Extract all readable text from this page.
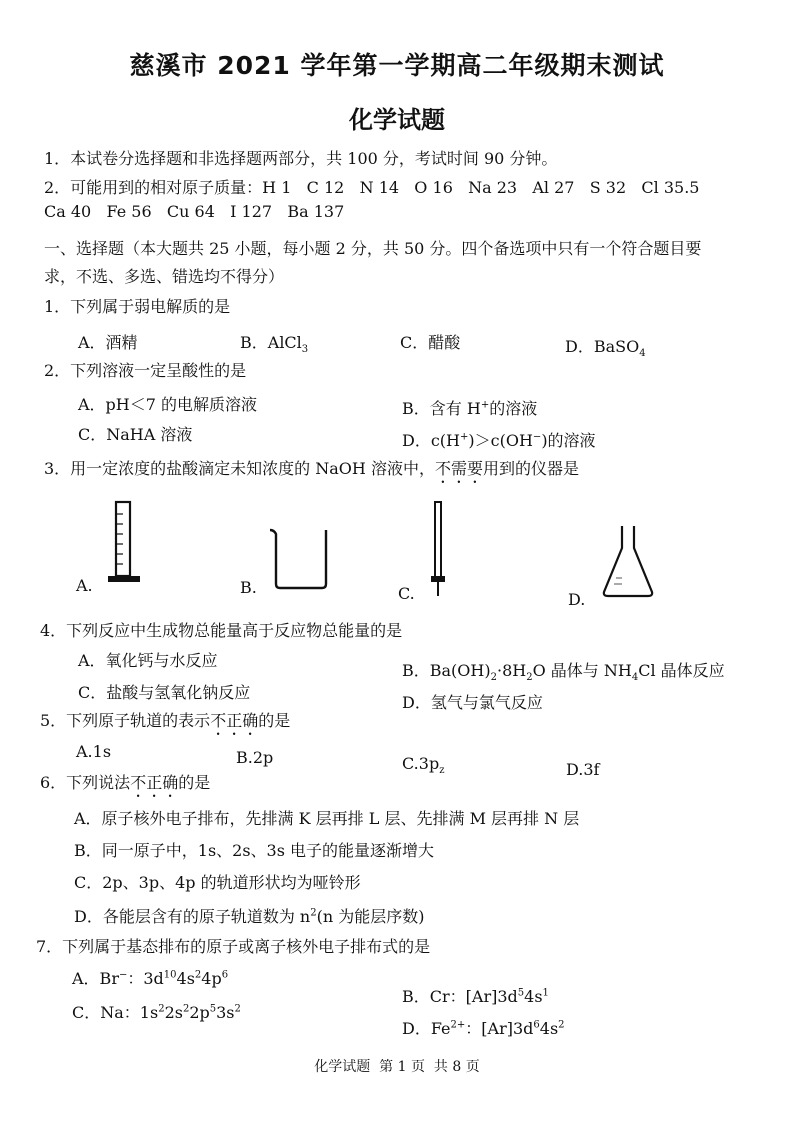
慈溪市 2021 学年第一学期高二年级期末测试
化学试题
1．本试卷分选择题和非选择题两部分，共 100 分，考试时间 90 分钟。
2．可能用到的相对原子质量：H 1   C 12   N 14   O 16   Na 23   Al 27   S 32   Cl 35.5
Ca 40   Fe 56   Cu 64   I 127   Ba 137
一、选择题（本大题共 25 小题，每小题 2 分，共 50 分。四个备选项中只有一个符合题目要
求，不选、多选、错选均不得分）
1．下列属于弱电解质的是
A．酒精	B．AlCl$_3$	C．醋酸	D．BaSO$_4$
2．下列溶液一定呈酸性的是
A．pH＜7 的电解质溶液	B．含有 H+的溶液
C．NaHA 溶液	D．c(H+)＞c(OH−)的溶液
3．用一定浓度的盐酸滴定未知浓度的 NaOH 溶液中，不需要用到的仪器是
A.	B.	C.	D.
4．下列反应中生成物总能量高于反应物总能量的是
A．氧化钙与水反应
B．$Ba(OH)_2\cdot 8H_2O$ 晶体与 $NH_4Cl$ 晶体反应
C．盐酸与氢氧化钠反应
D．氢气与氯气反应
5．下列原子轨道的表示不正确的是
A.1s	B.2p	$C.3p_z$	D.3f
6．下列说法不正确的是
A．原子核外电子排布，先排满 K 层再排 L 层、先排满 M 层再排 N 层
B．同一原子中，1s、2s、3s 电子的能量逐渐增大
C．2p、3p、4p 的轨道形状均为哑铃形
D．各能层含有的原子轨道数为 $n^2(n$ 为能层序数)
7．下列属于基态排布的原子或离子核外电子排布式的是
A．Br−：$3d^{10}4s^24p^6$
B．Cr：$[Ar]3d^54s^1$
C．Na：$1s^22s^22p^53s^2$
D．$Fe^{2+}$：$[Ar]3d^64s^2$
化学试题  第 1 页  共 8 页
